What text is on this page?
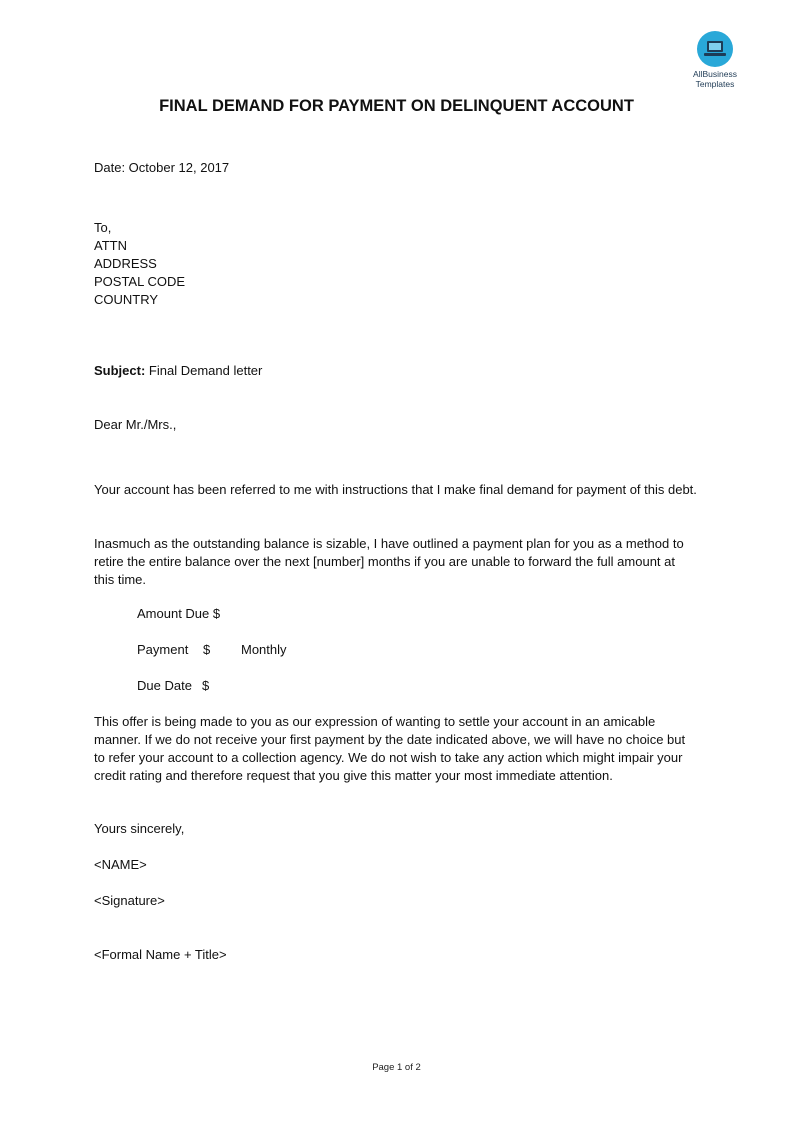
AllBusiness
Templates
FINAL DEMAND FOR PAYMENT ON DELINQUENT ACCOUNT
Date: October 12, 2017
To,
ATTN
ADDRESS
POSTAL CODE
COUNTRY
Subject: Final Demand letter
Dear Mr./Mrs.,
Your account has been referred to me with instructions that I make final demand for payment of this debt.
Inasmuch as the outstanding balance is sizable, I have outlined a payment plan for you as a method to retire the entire balance over the next [number] months if you are unable to forward the full amount at this time.
Amount Due $
Payment $ Monthly
Due Date $
This offer is being made to you as our expression of wanting to settle your account in an amicable manner. If we do not receive your first payment by the date indicated above, we will have no choice but to refer your account to a collection agency. We do not wish to take any action which might impair your credit rating and therefore request that you give this matter your most immediate attention.
Yours sincerely,
<NAME>
<Signature>
<Formal Name + Title>
Page 1 of 2
